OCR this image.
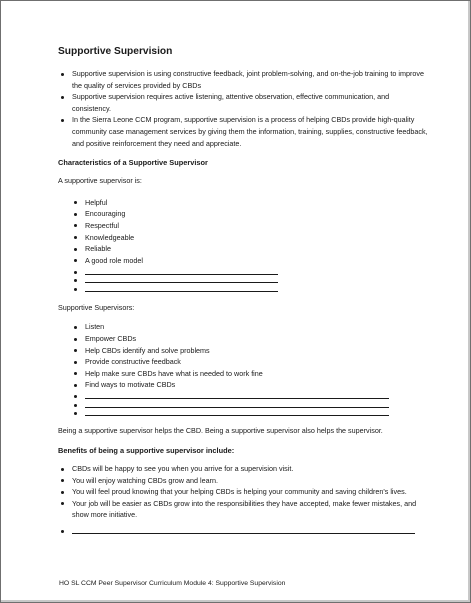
Supportive Supervision
Supportive supervision is using constructive feedback, joint problem-solving, and on-the-job training to improve the quality of services provided by CBDs
Supportive supervision requires active listening, attentive observation, effective communication, and consistency.
In the Sierra Leone CCM program, supportive supervision is a process of helping CBDs provide high-quality community case management services by giving them the information, training, supplies, constructive feedback, and positive reinforcement they need and appreciate.
Characteristics of a Supportive Supervisor

A supportive supervisor is:

Helpful
Encouraging
Respectful
Knowledgeable
Reliable
A good role model

Supportive Supervisors:

Listen
Empower CBDs
Help CBDs identify and solve problems
Provide constructive feedback
Help make sure CBDs have what is needed to work fine
Find ways to motivate CBDs

Being a supportive supervisor helps the CBD. Being a supportive supervisor also helps the supervisor.

Benefits of being a supportive supervisor include:
CBDs will be happy to see you when you arrive for a supervision visit.
You will enjoy watching CBDs grow and learn.
You will feel proud knowing that your helping CBDs is helping your community and saving children's lives.
Your job will be easier as CBDs grow into the responsibilities they have accepted, make fewer mistakes, and show more initiative.
HO SL CCM Peer Supervisor Curriculum Module 4: Supportive Supervision
